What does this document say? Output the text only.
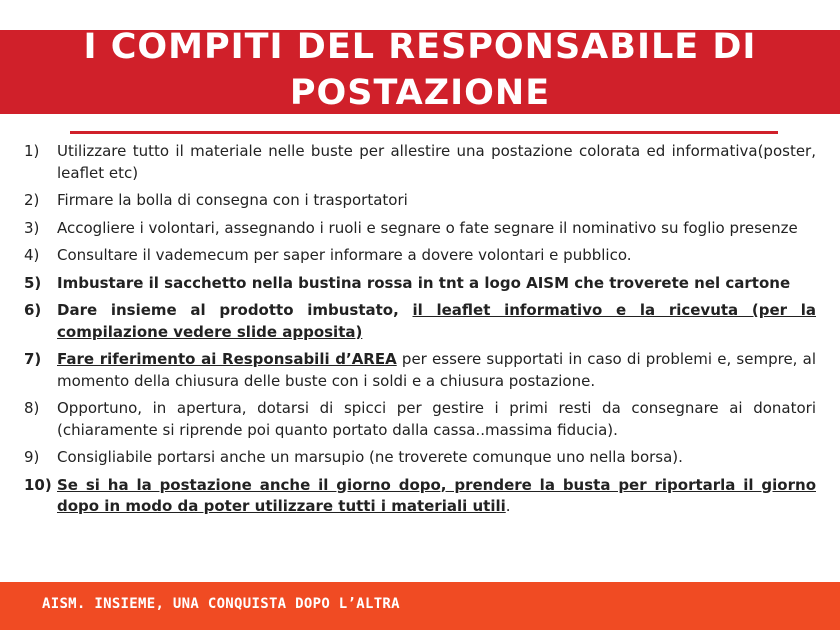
I COMPITI DEL RESPONSABILE DI POSTAZIONE
1) Utilizzare tutto il materiale nelle buste per allestire una postazione colorata ed informativa(poster, leaflet etc)
2) Firmare la bolla di consegna con i trasportatori
3) Accogliere i volontari, assegnando i ruoli e segnare o fate segnare il nominativo su foglio presenze
4) Consultare il vademecum per saper informare a dovere volontari e pubblico.
5) Imbustare il sacchetto nella bustina rossa in tnt a logo AISM che troverete nel cartone
6) Dare insieme al prodotto imbustato, il leaflet informativo e la ricevuta (per la compilazione vedere slide apposita)
7) Fare riferimento ai Responsabili d’AREA per essere supportati in caso di problemi e, sempre, al momento della chiusura delle buste con i soldi e a chiusura postazione.
8) Opportuno, in apertura, dotarsi di spicci per gestire i primi resti da consegnare ai donatori (chiaramente si riprende poi quanto portato dalla cassa..massima fiducia).
9) Consigliabile portarsi anche un marsupio (ne troverete comunque uno nella borsa).
10) Se si ha la postazione anche il giorno dopo, prendere la busta per riportarla il giorno dopo in modo da poter utilizzare tutti i materiali utili.
AISM. INSIEME, UNA CONQUISTA DOPO L’ALTRA
